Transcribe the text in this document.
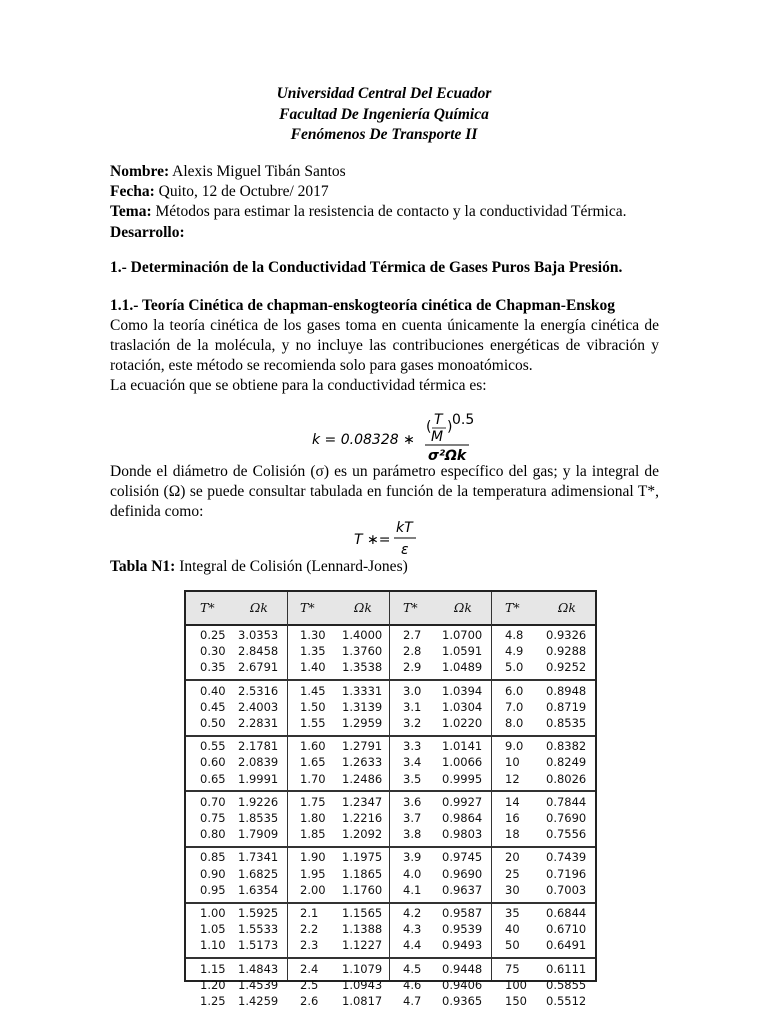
Universidad Central Del Ecuador
Facultad De Ingeniería Química
Fenómenos De Transporte II
Nombre: Alexis Miguel Tibán Santos
Fecha: Quito, 12 de Octubre/ 2017
Tema: Métodos para estimar la resistencia de contacto y la conductividad Térmica.
Desarrollo:
1.- Determinación de la Conductividad Térmica de Gases Puros Baja Presión.
1.1.- Teoría Cinética de chapman-enskogteoría cinética de Chapman-Enskog
Como la teoría cinética de los gases toma en cuenta únicamente la energía cinética de
traslación de la molécula, y no incluye las contribuciones energéticas de vibración y
rotación, este método se recomienda solo para gases monoatómicos.
La ecuación que se obtiene para la conductividad térmica es:
k = 0.08328 ∗
( T
M
) 0.5
σ²Ωk
Donde el diámetro de Colisión (σ) es un parámetro específico del gas; y la integral de
colisión (Ω) se puede consultar tabulada en función de la temperatura adimensional T*,
definida como:
T ∗=
kT
ε
Tabla N1: Integral de Colisión (Lennard-Jones)
T*	Ωk	T*	Ωk T*	Ωk	T*	Ωk
0.25 3.0353 1.30 1.4000 2.7 1.0700 4.8 0.9326
0.30 2.8458 1.35 1.3760 2.8 1.0591 4.9 0.9288
0.35 2.6791 1.40 1.3538 2.9 1.0489 5.0 0.9252
0.40 2.5316 1.45 1.3331 3.0 1.0394 6.0 0.8948
0.45 2.4003 1.50 1.3139 3.1 1.0304 7.0 0.8719
0.50 2.2831 1.55 1.2959 3.2 1.0220 8.0 0.8535
0.55 2.1781 1.60 1.2791 3.3 1.0141 9.0 0.8382
0.60 2.0839 1.65 1.2633 3.4 1.0066 10 0.8249
0.65 1.9991 1.70 1.2486 3.5 0.9995 12 0.8026
0.70 1.9226 1.75 1.2347 3.6 0.9927 14 0.7844
0.75 1.8535 1.80 1.2216 3.7 0.9864 16 0.7690
0.80 1.7909 1.85 1.2092 3.8 0.9803 18 0.7556
0.85 1.7341 1.90 1.1975 3.9 0.9745 20 0.7439
0.90 1.6825 1.95 1.1865 4.0 0.9690 25 0.7196
0.95 1.6354 2.00 1.1760 4.1 0.9637 30 0.7003
1.00 1.5925 2.1 1.1565 4.2 0.9587 35 0.6844
1.05 1.5533 2.2 1.1388 4.3 0.9539 40 0.6710
1.10 1.5173 2.3 1.1227 4.4 0.9493 50 0.6491
1.15 1.4843 2.4 1.1079 4.5 0.9448 75 0.6111
1.20 1.4539 2.5 1.0943 4.6 0.9406 100 0.5855
1.25 1.4259 2.6 1.0817 4.7 0.9365 150 0.5512
